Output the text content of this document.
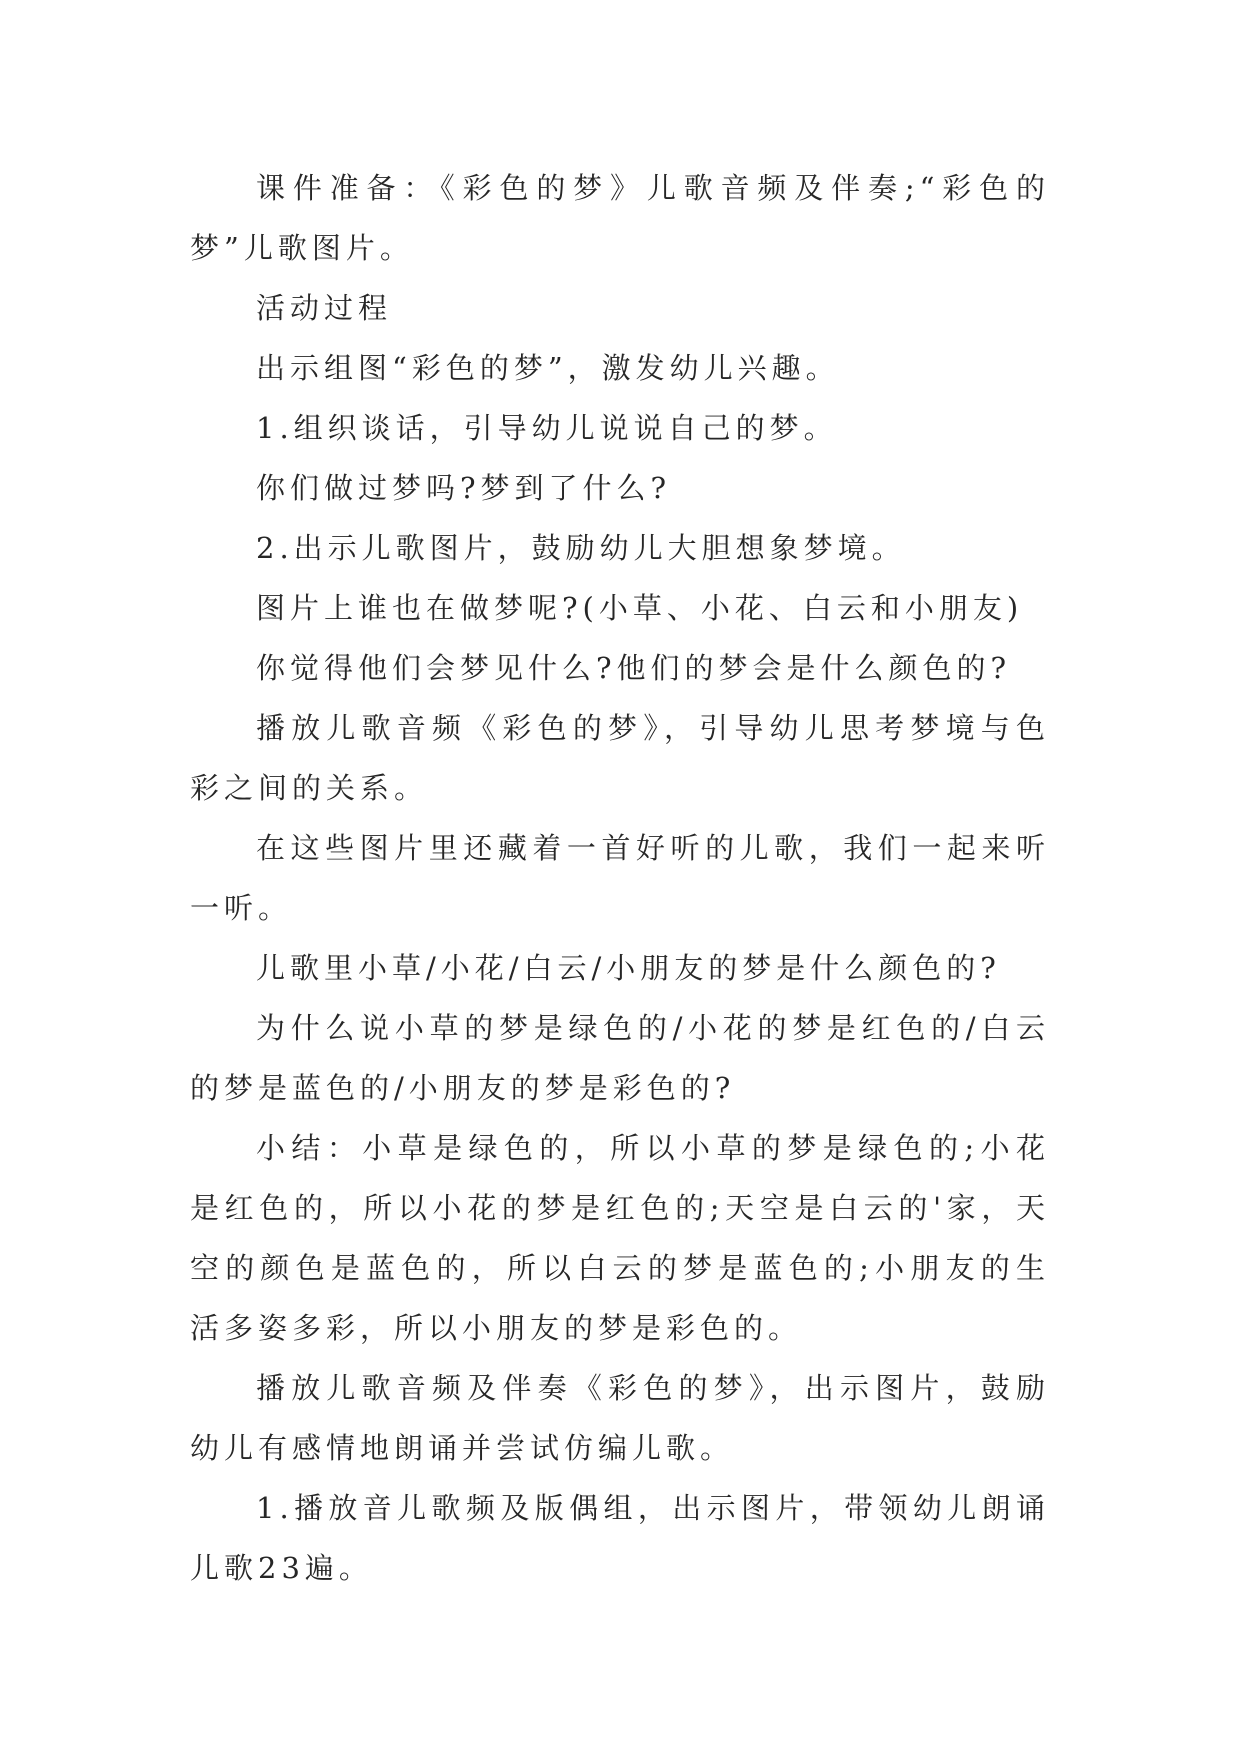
课件准备：《彩色的梦》儿歌音频及伴奏;“彩色的梦”儿歌图片。

活动过程

出示组图“彩色的梦”，激发幼儿兴趣。

1.组织谈话，引导幼儿说说自己的梦。

你们做过梦吗?梦到了什么?

2.出示儿歌图片，鼓励幼儿大胆想象梦境。

图片上谁也在做梦呢?(小草、小花、白云和小朋友)

你觉得他们会梦见什么?他们的梦会是什么颜色的?

播放儿歌音频《彩色的梦》，引导幼儿思考梦境与色彩之间的关系。

在这些图片里还藏着一首好听的儿歌，我们一起来听一听。

儿歌里小草/小花/白云/小朋友的梦是什么颜色的?

为什么说小草的梦是绿色的/小花的梦是红色的/白云的梦是蓝色的/小朋友的梦是彩色的?

小结：小草是绿色的，所以小草的梦是绿色的;小花是红色的，所以小花的梦是红色的;天空是白云的'家，天空的颜色是蓝色的，所以白云的梦是蓝色的;小朋友的生活多姿多彩，所以小朋友的梦是彩色的。

播放儿歌音频及伴奏《彩色的梦》，出示图片，鼓励幼儿有感情地朗诵并尝试仿编儿歌。

1.播放音儿歌频及版偶组，出示图片，带领幼儿朗诵儿歌23遍。
